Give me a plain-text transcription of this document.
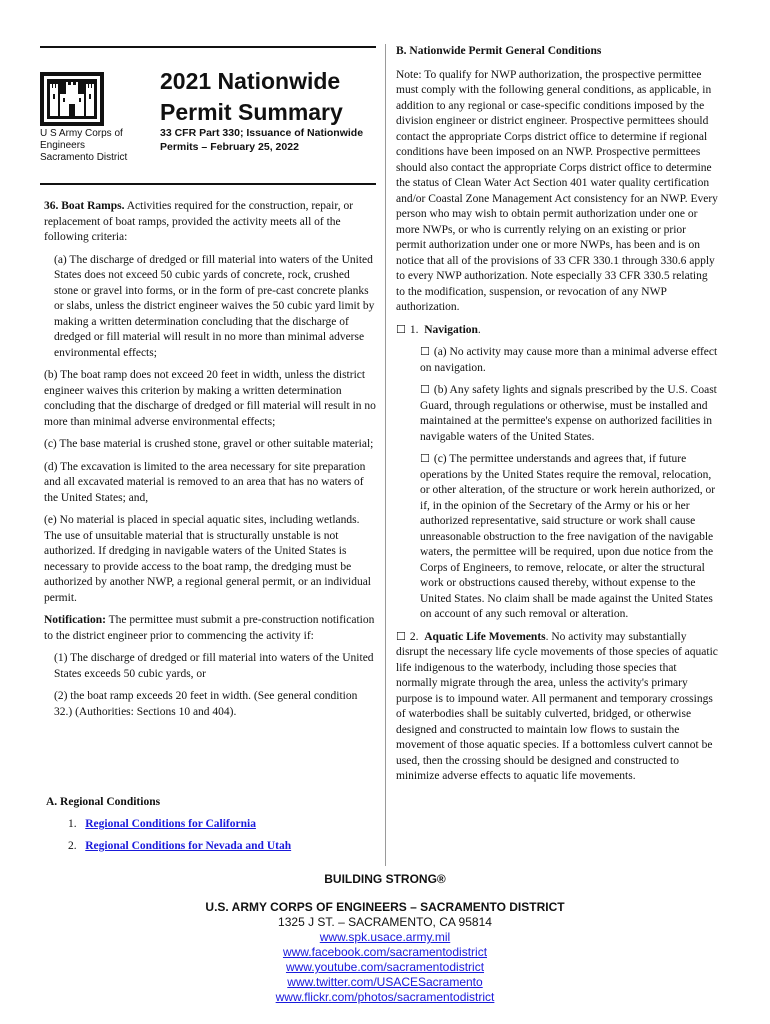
U S Army Corps of
Engineers
Sacramento District
2021 Nationwide Permit Summary
33 CFR Part 330; Issuance of Nationwide Permits – February 25, 2022

36. Boat Ramps. Activities required for the construction, repair, or replacement of boat ramps, provided the activity meets all of the following criteria:

(a) The discharge of dredged or fill material into waters of the United States does not exceed 50 cubic yards of concrete, rock, crushed stone or gravel into forms, or in the form of pre-cast concrete planks or slabs, unless the district engineer waives the 50 cubic yard limit by making a written determination concluding that the discharge of dredged or fill material will result in no more than minimal adverse environmental effects;

(b) The boat ramp does not exceed 20 feet in width, unless the district engineer waives this criterion by making a written determination concluding that the discharge of dredged or fill material will result in no more than minimal adverse environmental effects;

(c) The base material is crushed stone, gravel or other suitable material;

(d) The excavation is limited to the area necessary for site preparation and all excavated material is removed to an area that has no waters of the United States; and,

(e) No material is placed in special aquatic sites, including wetlands. The use of unsuitable material that is structurally unstable is not authorized. If dredging in navigable waters of the United States is necessary to provide access to the boat ramp, the dredging must be authorized by another NWP, a regional general permit, or an individual permit.

Notification: The permittee must submit a pre-construction notification to the district engineer prior to commencing the activity if:

(1) The discharge of dredged or fill material into waters of the United States exceeds 50 cubic yards, or

(2) the boat ramp exceeds 20 feet in width. (See general condition 32.) (Authorities: Sections 10 and 404).

A. Regional Conditions
1. Regional Conditions for California
2. Regional Conditions for Nevada and Utah

B. Nationwide Permit General Conditions

Note: To qualify for NWP authorization, the prospective permittee must comply with the following general conditions, as applicable, in addition to any regional or case-specific conditions imposed by the division engineer or district engineer. Prospective permittees should contact the appropriate Corps district office to determine if regional conditions have been imposed on an NWP. Prospective permittees should also contact the appropriate Corps district office to determine the status of Clean Water Act Section 401 water quality certification and/or Coastal Zone Management Act consistency for an NWP. Every person who may wish to obtain permit authorization under one or more NWPs, or who is currently relying on an existing or prior permit authorization under one or more NWPs, has been and is on notice that all of the provisions of 33 CFR 330.1 through 330.6 apply to every NWP authorization. Note especially 33 CFR 330.5 relating to the modification, suspension, or revocation of any NWP authorization.

☐ 1. Navigation.

☐ (a) No activity may cause more than a minimal adverse effect on navigation.

☐ (b) Any safety lights and signals prescribed by the U.S. Coast Guard, through regulations or otherwise, must be installed and maintained at the permittee's expense on authorized facilities in navigable waters of the United States.

☐ (c) The permittee understands and agrees that, if future operations by the United States require the removal, relocation, or other alteration, of the structure or work herein authorized, or if, in the opinion of the Secretary of the Army or his or her authorized representative, said structure or work shall cause unreasonable obstruction to the free navigation of the navigable waters, the permittee will be required, upon due notice from the Corps of Engineers, to remove, relocate, or alter the structural work or obstructions caused thereby, without expense to the United States. No claim shall be made against the United States on account of any such removal or alteration.

☐ 2. Aquatic Life Movements. No activity may substantially disrupt the necessary life cycle movements of those species of aquatic life indigenous to the waterbody, including those species that normally migrate through the area, unless the activity's primary purpose is to impound water. All permanent and temporary crossings of waterbodies shall be suitably culverted, bridged, or otherwise designed and constructed to maintain low flows to sustain the movement of those aquatic species. If a bottomless culvert cannot be used, then the crossing should be designed and constructed to minimize adverse effects to aquatic life movements.

BUILDING STRONG®
U.S. ARMY CORPS OF ENGINEERS – SACRAMENTO DISTRICT
1325 J ST. – SACRAMENTO, CA 95814
www.spk.usace.army.mil
www.facebook.com/sacramentodistrict
www.youtube.com/sacramentodistrict
www.twitter.com/USACESacramento
www.flickr.com/photos/sacramentodistrict
